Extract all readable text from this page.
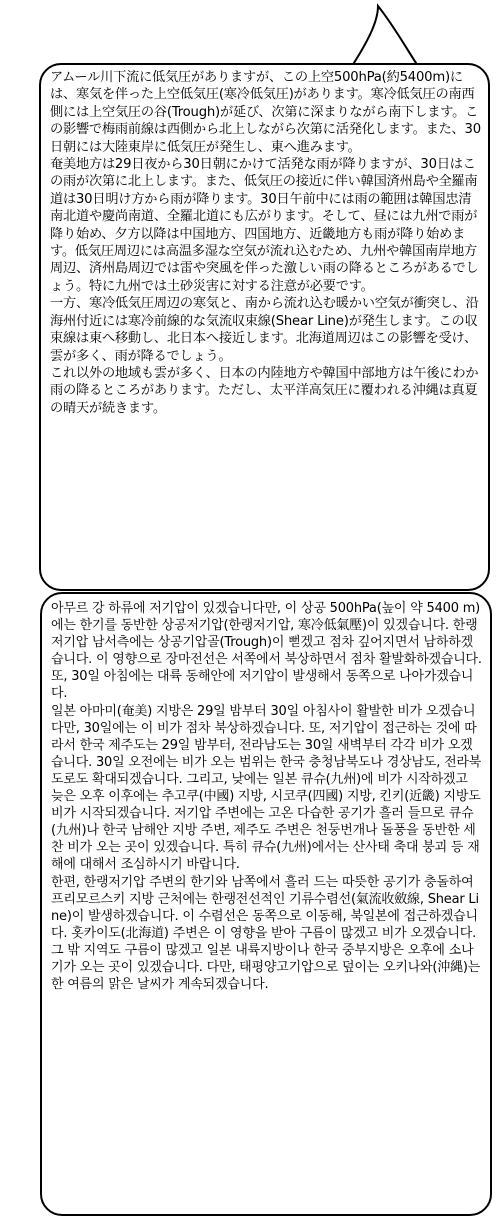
アムール川下流に低気圧がありますが、この上空500hPa(約5400m)には、寒気を伴った上空低気圧(寒冷低気圧)があります。寒冷低気圧の南西側には上空気圧の谷(Trough)が延び、次第に深まりながら南下します。この影響で梅雨前線は西側から北上しながら次第に活発化します。また、30日朝には大陸東岸に低気圧が発生し、東へ進みます。

奄美地方は29日夜から30日朝にかけて活発な雨が降りますが、30日はこの雨が次第に北上します。また、低気圧の接近に伴い韓国済州島や全羅南道は30日明け方から雨が降ります。30日午前中には雨の範囲は韓国忠清南北道や慶尚南道、全羅北道にも広がります。そして、昼には九州で雨が降り始め、夕方以降は中国地方、四国地方、近畿地方も雨が降り始めます。低気圧周辺には高温多湿な空気が流れ込むため、九州や韓国南岸地方周辺、済州島周辺では雷や突風を伴った激しい雨の降るところがあるでしょう。特に九州では土砂災害に対する注意が必要です。

一方、寒冷低気圧周辺の寒気と、南から流れ込む暖かい空気が衝突し、沿海州付近には寒冷前線的な気流収束線(Shear Line)が発生します。この収束線は東へ移動し、北日本へ接近します。北海道周辺はこの影響を受け、雲が多く、雨が降るでしょう。

これ以外の地域も雲が多く、日本の内陸地方や韓国中部地方は午後にわか雨の降るところがあります。ただし、太平洋高気圧に覆われる沖縄は真夏の晴天が続きます。

아무르 강 하류에 저기압이 있겠습니다만, 이 상공 500hPa(높이 약 5400 m)에는 한기를 동반한 상공저기압(한랭저기압, 寒冷低氣壓)이 있겠습니다. 한랭저기압 남서측에는 상공기압골(Trough)이 뻗겠고 점차 깊어지면서 남하하겠습니다. 이 영향으로 장마전선은 서쪽에서 북상하면서 점차 활발화하겠습니다. 또, 30일 아침에는 대륙 동해안에 저기압이 발생해서 동쪽으로 나아가겠습니다.

일본 아마미(奄美) 지방은 29일 밤부터 30일 아침사이 활발한 비가 오겠습니다만, 30일에는 이 비가 점차 북상하겠습니다. 또, 저기압이 접근하는 것에 따라서 한국 제주도는 29일 밤부터, 전라남도는 30일 새벽부터 각각 비가 오겠습니다. 30일 오전에는 비가 오는 범위는 한국 충청남북도나 경상남도, 전라북도로도 확대되겠습니다. 그리고, 낮에는 일본 큐슈(九州)에 비가 시작하겠고 늦은 오후 이후에는 추고쿠(中國) 지방, 시코쿠(四國) 지방, 킨키(近畿) 지방도 비가 시작되겠습니다. 저기압 주변에는 고온 다습한 공기가 흘러 들므로 큐슈(九州)나 한국 남해안 지방 주변, 제주도 주변은 천둥번개나 돌풍을 동반한 세찬 비가 오는 곳이 있겠습니다. 특히 큐슈(九州)에서는 산사태 축대 붕괴 등 재해에 대해서 조심하시기 바랍니다.

한편, 한랭저기압 주변의 한기와 남쪽에서 흘러 드는 따뜻한 공기가 충돌하여 프리모르스키 지방 근처에는 한랭전선적인 기류수렴선(氣流收斂線, Shear Line)이 발생하겠습니다. 이 수렴선은 동쪽으로 이동해, 북일본에 접근하겠습니다. 홋카이도(北海道) 주변은 이 영향을 받아 구름이 많겠고 비가 오겠습니다.

그 밖 지역도 구름이 많겠고 일본 내륙지방이나 한국 중부지방은 오후에 소나기가 오는 곳이 있겠습니다. 다만, 태평양고기압으로 덮이는 오키나와(沖縄)는 한 여름의 맑은 날씨가 계속되겠습니다.
